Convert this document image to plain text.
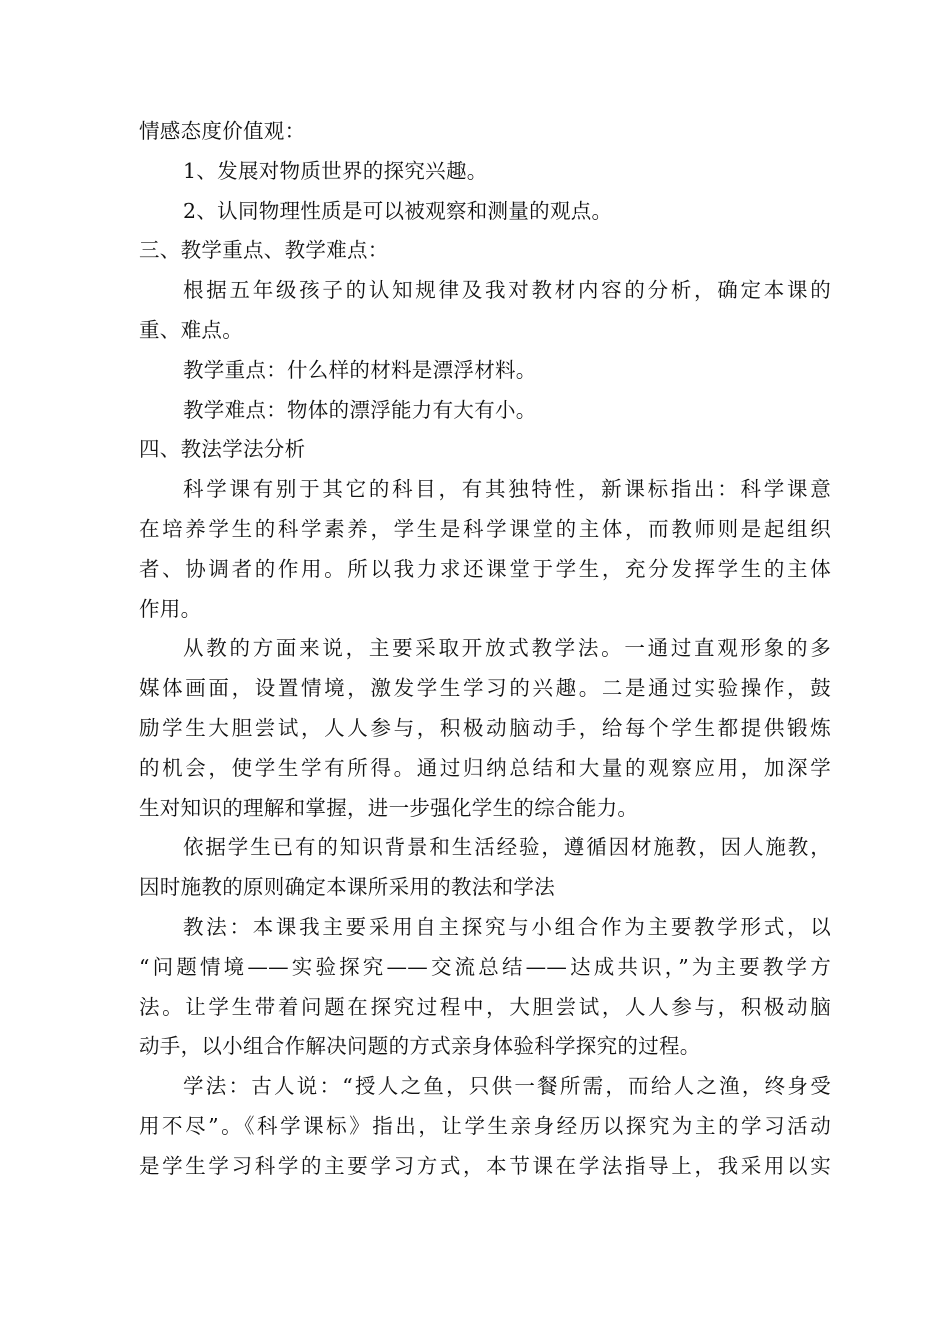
情感态度价值观：
1、发展对物质世界的探究兴趣。
2、认同物理性质是可以被观察和测量的观点。
三、教学重点、教学难点：
根据五年级孩子的认知规律及我对教材内容的分析，确定本课的
重、难点。
教学重点：什么样的材料是漂浮材料。
教学难点：物体的漂浮能力有大有小。
四、教法学法分析
科学课有别于其它的科目，有其独特性，新课标指出：科学课意
在培养学生的科学素养，学生是科学课堂的主体，而教师则是起组织
者、协调者的作用。所以我力求还课堂于学生，充分发挥学生的主体
作用。
从教的方面来说，主要采取开放式教学法。一通过直观形象的多
媒体画面，设置情境，激发学生学习的兴趣。二是通过实验操作，鼓
励学生大胆尝试，人人参与，积极动脑动手，给每个学生都提供锻炼
的机会，使学生学有所得。通过归纳总结和大量的观察应用，加深学
生对知识的理解和掌握，进一步强化学生的综合能力。
依据学生已有的知识背景和生活经验，遵循因材施教，因人施教，
因时施教的原则确定本课所采用的教法和学法
教法：本课我主要采用自主探究与小组合作为主要教学形式，以
“问题情境——实验探究——交流总结——达成共识，”为主要教学方
法。让学生带着问题在探究过程中，大胆尝试，人人参与，积极动脑
动手，以小组合作解决问题的方式亲身体验科学探究的过程。
学法：古人说：“授人之鱼，只供一餐所需，而给人之渔，终身受
用不尽”。《科学课标》指出，让学生亲身经历以探究为主的学习活动
是学生学习科学的主要学习方式，本节课在学法指导上，我采用以实
